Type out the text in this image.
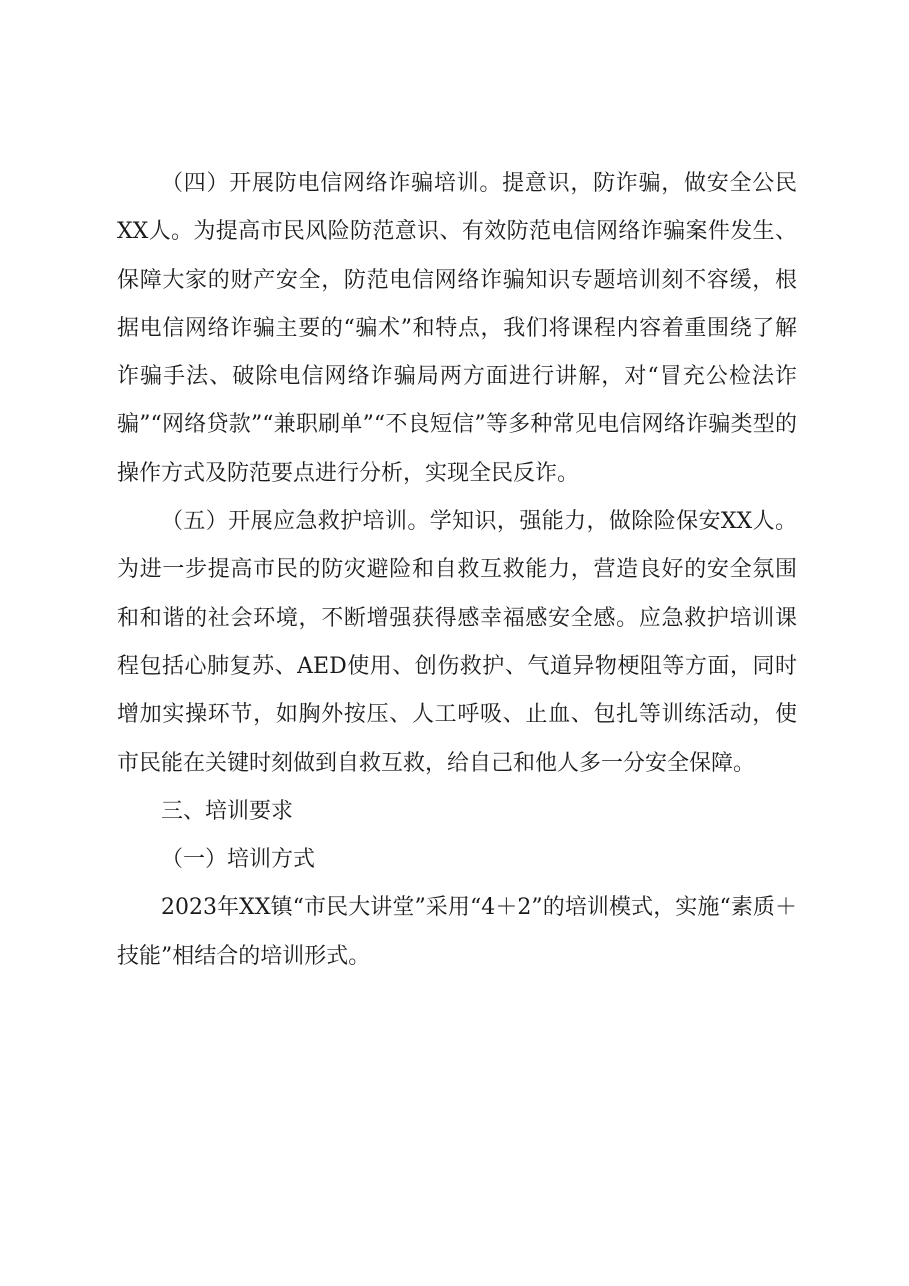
（四）开展防电信网络诈骗培训。提意识，防诈骗，做安全公民XX人。为提高市民风险防范意识、有效防范电信网络诈骗案件发生、保障大家的财产安全，防范电信网络诈骗知识专题培训刻不容缓，根据电信网络诈骗主要的“骗术”和特点，我们将课程内容着重围绕了解诈骗手法、破除电信网络诈骗局两方面进行讲解，对“冒充公检法诈骗”“网络贷款”“兼职刷单”“不良短信”等多种常见电信网络诈骗类型的操作方式及防范要点进行分析，实现全民反诈。

（五）开展应急救护培训。学知识，强能力，做除险保安XX人。为进一步提高市民的防灾避险和自救互救能力，营造良好的安全氛围和和谐的社会环境，不断增强获得感幸福感安全感。应急救护培训课程包括心肺复苏、AED使用、创伤救护、气道异物梗阻等方面，同时增加实操环节，如胸外按压、人工呼吸、止血、包扎等训练活动，使市民能在关键时刻做到自救互救，给自己和他人多一分安全保障。

三、培训要求

（一）培训方式

2023年XX镇“市民大讲堂”采用“4＋2”的培训模式，实施“素质＋技能”相结合的培训形式。
